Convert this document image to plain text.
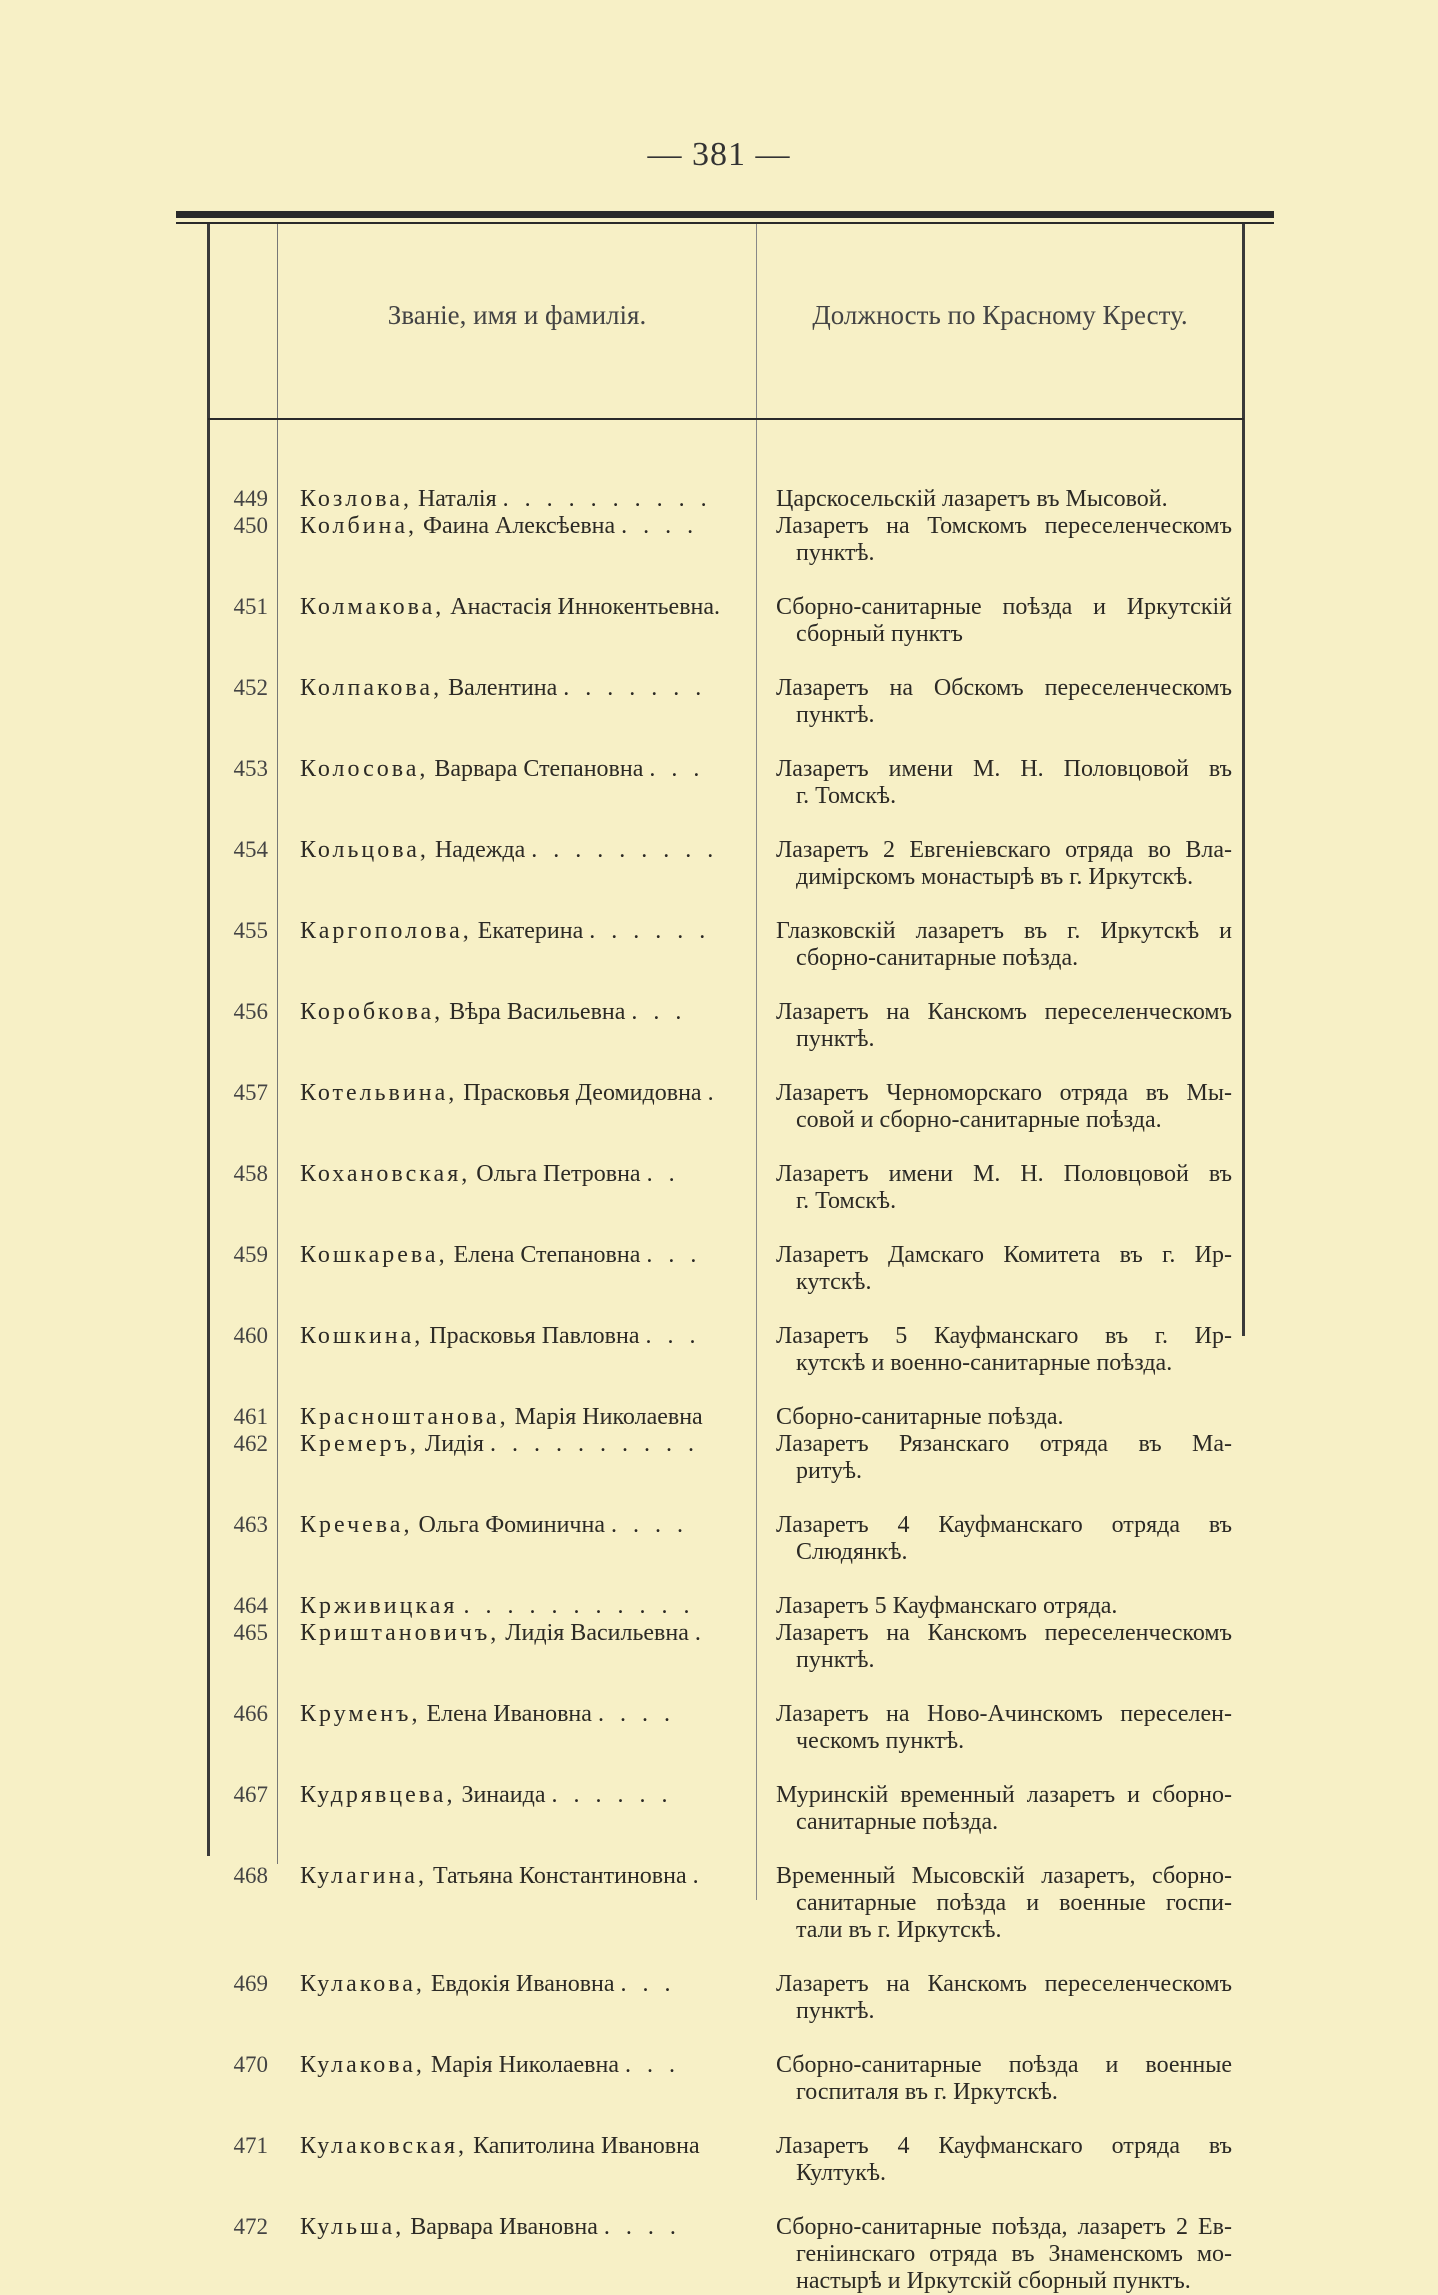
— 381 —
Званіе, имя и фамилія.	Должность по Красному Кресту.
449 Козлова, Наталія . . . . . . . . . .	Царскосельскій лазаретъ въ Мысовой.
450 Колбина, Фаина Алексѣевна . . . .	Лазаретъ на Томскомъ переселенческомъ
пунктѣ.
451 Колмакова, Анастасія Иннокентьевна.	Сборно-санитарные поѣзда и Иркутскій
сборный пунктъ
452 Колпакова, Валентина . . . . . . .	Лазаретъ на Обскомъ переселенческомъ
пунктѣ.
453 Колосова, Варвара Степановна . . .	Лазаретъ имени М. Н. Половцовой въ
г. Томскѣ.
454 Кольцова, Надежда . . . . . . . . .	Лазаретъ 2 Евгеніевскаго отряда во Вла-
димірскомъ монастырѣ въ г. Иркутскѣ.
455 Каргополова, Екатерина . . . . . .	Глазковскій лазаретъ въ г. Иркутскѣ и
сборно-санитарные поѣзда.
456 Коробкова, Вѣра Васильевна . . .	Лазаретъ на Канскомъ переселенческомъ
пунктѣ.
457 Котельвина, Прасковья Деомидовна .	Лазаретъ Черноморскаго отряда въ Мы-
совой и сборно-санитарные поѣзда.
458 Кохановская, Ольга Петровна . .	Лазаретъ имени М. Н. Половцовой въ
г. Томскѣ.
459 Кошкарева, Елена Степановна . . .	Лазаретъ Дамскаго Комитета въ г. Ир-
кутскѣ.
460 Кошкина, Прасковья Павловна . . .	Лазаретъ 5 Кауфманскаго въ г. Ир-
кутскѣ и военно-санитарные поѣзда.
461 Красноштанова, Марія Николаевна	Сборно-санитарные поѣзда.
462 Кремеръ, Лидія . . . . . . . . . .	Лазаретъ Рязанскаго отряда въ Ма-
ритуѣ.
463 Кречева, Ольга Фоминична . . . .	Лазаретъ 4 Кауфманскаго отряда въ
Слюдянкѣ.
464 Крживицкая . . . . . . . . . . .	Лазаретъ 5 Кауфманскаго отряда.
465 Криштановичъ, Лидія Васильевна .	Лазаретъ на Канскомъ переселенческомъ
пунктѣ.
466 Круменъ, Елена Ивановна . . . .	Лазаретъ на Ново-Ачинскомъ переселен-
ческомъ пунктѣ.
467 Кудрявцева, Зинаида . . . . . .	Муринскій временный лазаретъ и сборно-
санитарные поѣзда.
468 Кулагина, Татьяна Константиновна .	Временный Мысовскій лазаретъ, сборно-
санитарные поѣзда и военные госпи-
тали въ г. Иркутскѣ.
469 Кулакова, Евдокія Ивановна . . .	Лазаретъ на Канскомъ переселенческомъ
пунктѣ.
470 Кулакова, Марія Николаевна . . .	Сборно-санитарные поѣзда и военные
госпиталя въ г. Иркутскѣ.
471 Кулаковская, Капитолина Ивановна	Лазаретъ 4 Кауфманскаго отряда въ
Култукѣ.
472 Кульша, Варвара Ивановна . . . .	Сборно-санитарные поѣзда, лазаретъ 2 Ев-
геніинскаго отряда въ Знаменскомъ мо-
настырѣ и Иркутскій сборный пунктъ.
